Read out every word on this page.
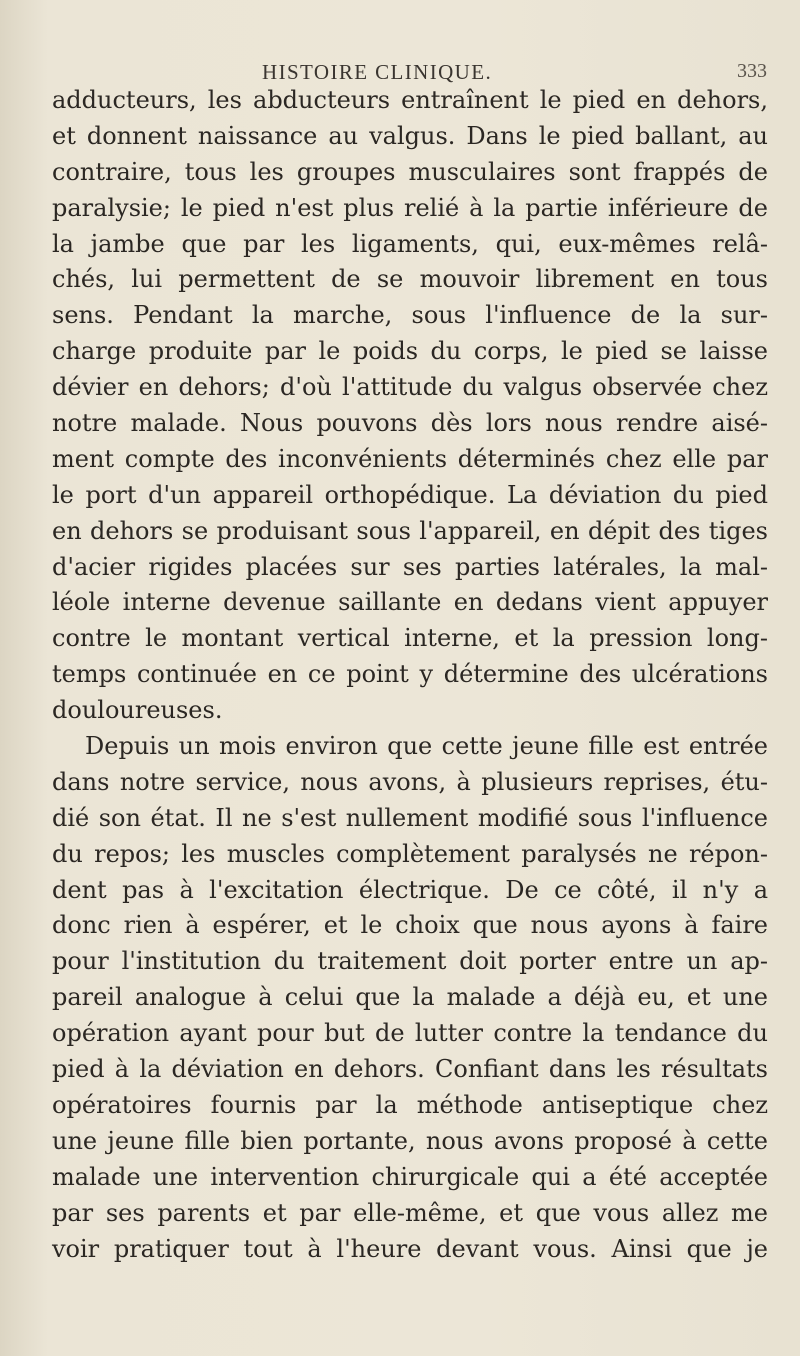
HISTOIRE CLINIQUE.	333
adducteurs, les abducteurs entraînent le pied en dehors,
et donnent naissance au valgus. Dans le pied ballant, au
contraire, tous les groupes musculaires sont frappés de
paralysie; le pied n'est plus relié à la partie inférieure de
la jambe que par les ligaments, qui, eux-mêmes relâ-
chés, lui permettent de se mouvoir librement en tous
sens. Pendant la marche, sous l'influence de la sur-
charge produite par le poids du corps, le pied se laisse
dévier en dehors; d'où l'attitude du valgus observée chez
notre malade. Nous pouvons dès lors nous rendre aisé-
ment compte des inconvénients déterminés chez elle par
le port d'un appareil orthopédique. La déviation du pied
en dehors se produisant sous l'appareil, en dépit des tiges
d'acier rigides placées sur ses parties latérales, la mal-
léole interne devenue saillante en dedans vient appuyer
contre le montant vertical interne, et la pression long-
temps continuée en ce point y détermine des ulcérations
douloureuses.
Depuis un mois environ que cette jeune fille est entrée
dans notre service, nous avons, à plusieurs reprises, étu-
dié son état. Il ne s'est nullement modifié sous l'influence
du repos; les muscles complètement paralysés ne répon-
dent pas à l'excitation électrique. De ce côté, il n'y a
donc rien à espérer, et le choix que nous ayons à faire
pour l'institution du traitement doit porter entre un ap-
pareil analogue à celui que la malade a déjà eu, et une
opération ayant pour but de lutter contre la tendance du
pied à la déviation en dehors. Confiant dans les résultats
opératoires fournis par la méthode antiseptique chez
une jeune fille bien portante, nous avons proposé à cette
malade une intervention chirurgicale qui a été acceptée
par ses parents et par elle-même, et que vous allez me
voir pratiquer tout à l'heure devant vous. Ainsi que je
